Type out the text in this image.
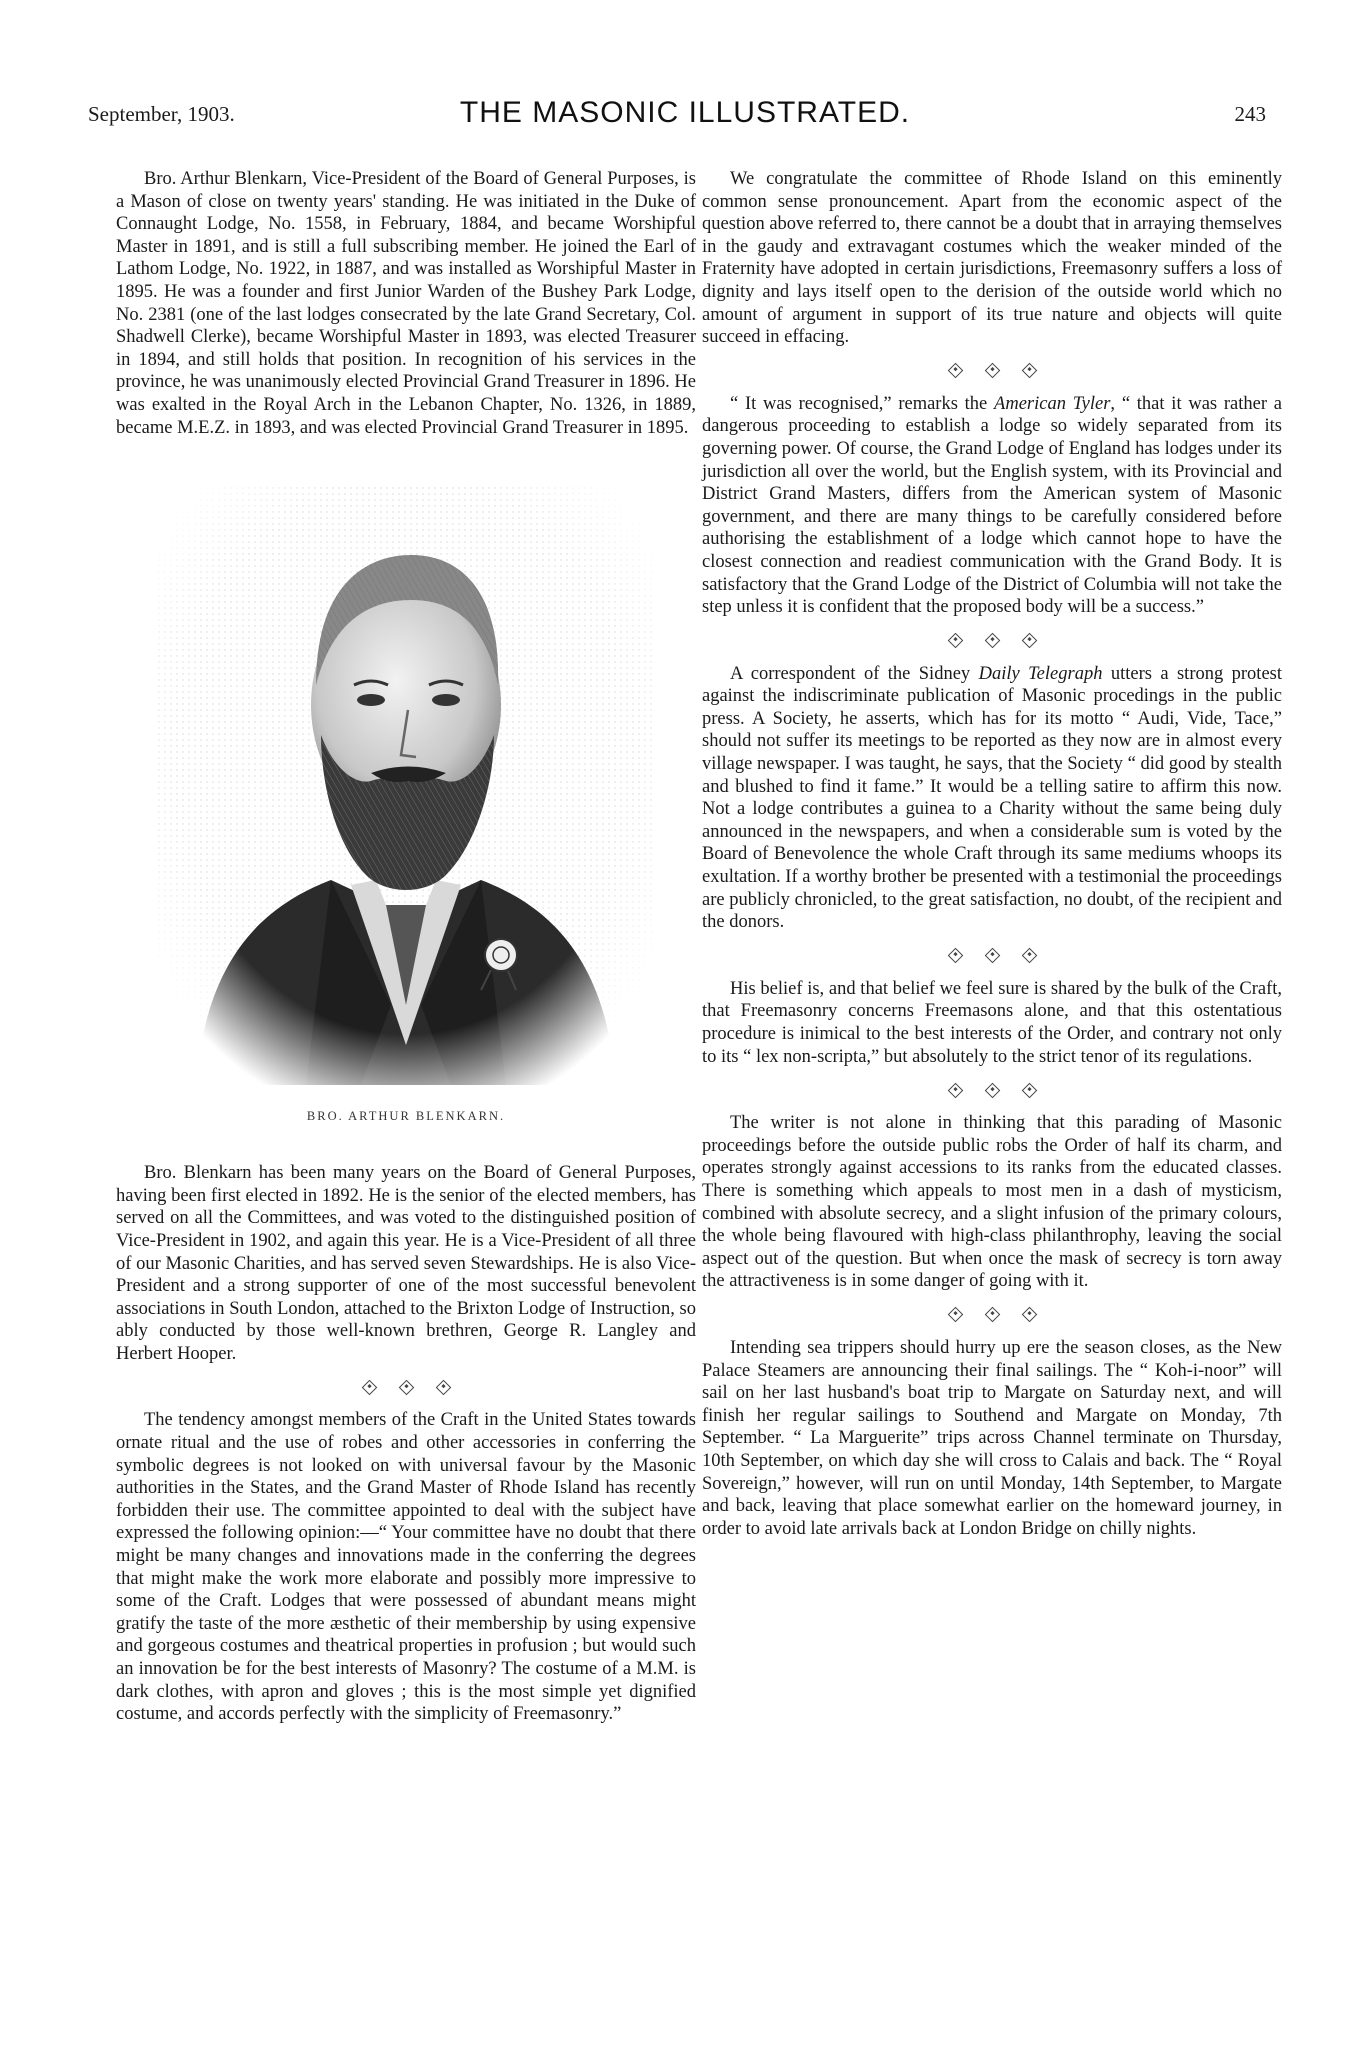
September, 1903.	THE MASONIC ILLUSTRATED.	243

Bro. Arthur Blenkarn, Vice-President of the Board of General Purposes, is a Mason of close on twenty years' standing. He was initiated in the Duke of Connaught Lodge, No. 1558, in February, 1884, and became Worshipful Master in 1891, and is still a full subscribing member. He joined the Earl of Lathom Lodge, No. 1922, in 1887, and was installed as Worshipful Master in 1895. He was a founder and first Junior Warden of the Bushey Park Lodge, No. 2381 (one of the last lodges consecrated by the late Grand Secretary, Col. Shadwell Clerke), became Worshipful Master in 1893, was elected Treasurer in 1894, and still holds that position. In recognition of his services in the province, he was unanimously elected Provincial Grand Treasurer in 1896. He was exalted in the Royal Arch in the Lebanon Chapter, No. 1326, in 1889, became M.E.Z. in 1893, and was elected Provincial Grand Treasurer in 1895.

BRO. ARTHUR BLENKARN.

Bro. Blenkarn has been many years on the Board of General Purposes, having been first elected in 1892. He is the senior of the elected members, has served on all the Committees, and was voted to the distinguished position of Vice-President in 1902, and again this year. He is a Vice-President of all three of our Masonic Charities, and has served seven Stewardships. He is also Vice-President and a strong supporter of one of the most successful benevolent associations in South London, attached to the Brixton Lodge of Instruction, so ably conducted by those well-known brethren, George R. Langley and Herbert Hooper.

The tendency amongst members of the Craft in the United States towards ornate ritual and the use of robes and other accessories in conferring the symbolic degrees is not looked on with universal favour by the Masonic authorities in the States, and the Grand Master of Rhode Island has recently forbidden their use. The committee appointed to deal with the subject have expressed the following opinion:—“ Your committee have no doubt that there might be many changes and innovations made in the conferring the degrees that might make the work more elaborate and possibly more impressive to some of the Craft. Lodges that were possessed of abundant means might gratify the taste of the more æsthetic of their membership by using expensive and gorgeous costumes and theatrical properties in profusion ; but would such an innovation be for the best interests of Masonry? The costume of a M.M. is dark clothes, with apron and gloves ; this is the most simple yet dignified costume, and accords perfectly with the simplicity of Freemasonry.”

We congratulate the committee of Rhode Island on this eminently common sense pronouncement. Apart from the economic aspect of the question above referred to, there cannot be a doubt that in arraying themselves in the gaudy and extravagant costumes which the weaker minded of the Fraternity have adopted in certain jurisdictions, Freemasonry suffers a loss of dignity and lays itself open to the derision of the outside world which no amount of argument in support of its true nature and objects will quite succeed in effacing.

“ It was recognised,” remarks the American Tyler, “ that it was rather a dangerous proceeding to establish a lodge so widely separated from its governing power. Of course, the Grand Lodge of England has lodges under its jurisdiction all over the world, but the English system, with its Provincial and District Grand Masters, differs from the American system of Masonic government, and there are many things to be carefully considered before authorising the establishment of a lodge which cannot hope to have the closest connection and readiest communication with the Grand Body. It is satisfactory that the Grand Lodge of the District of Columbia will not take the step unless it is confident that the proposed body will be a success.”

A correspondent of the Sidney Daily Telegraph utters a strong protest against the indiscriminate publication of Masonic procedings in the public press. A Society, he asserts, which has for its motto “ Audi, Vide, Tace,” should not suffer its meetings to be reported as they now are in almost every village newspaper. I was taught, he says, that the Society “ did good by stealth and blushed to find it fame.” It would be a telling satire to affirm this now. Not a lodge contributes a guinea to a Charity without the same being duly announced in the newspapers, and when a considerable sum is voted by the Board of Benevolence the whole Craft through its same mediums whoops its exultation. If a worthy brother be presented with a testimonial the proceedings are publicly chronicled, to the great satisfaction, no doubt, of the recipient and the donors.

His belief is, and that belief we feel sure is shared by the bulk of the Craft, that Freemasonry concerns Freemasons alone, and that this ostentatious procedure is inimical to the best interests of the Order, and contrary not only to its “ lex non-scripta,” but absolutely to the strict tenor of its regulations.

The writer is not alone in thinking that this parading of Masonic proceedings before the outside public robs the Order of half its charm, and operates strongly against accessions to its ranks from the educated classes. There is something which appeals to most men in a dash of mysticism, combined with absolute secrecy, and a slight infusion of the primary colours, the whole being flavoured with high-class philanthrophy, leaving the social aspect out of the question. But when once the mask of secrecy is torn away the attractiveness is in some danger of going with it.

Intending sea trippers should hurry up ere the season closes, as the New Palace Steamers are announcing their final sailings. The “ Koh-i-noor” will sail on her last husband's boat trip to Margate on Saturday next, and will finish her regular sailings to Southend and Margate on Monday, 7th September. “ La Marguerite” trips across Channel terminate on Thursday, 10th September, on which day she will cross to Calais and back. The “ Royal Sovereign,” however, will run on until Monday, 14th September, to Margate and back, leaving that place somewhat earlier on the homeward journey, in order to avoid late arrivals back at London Bridge on chilly nights.
